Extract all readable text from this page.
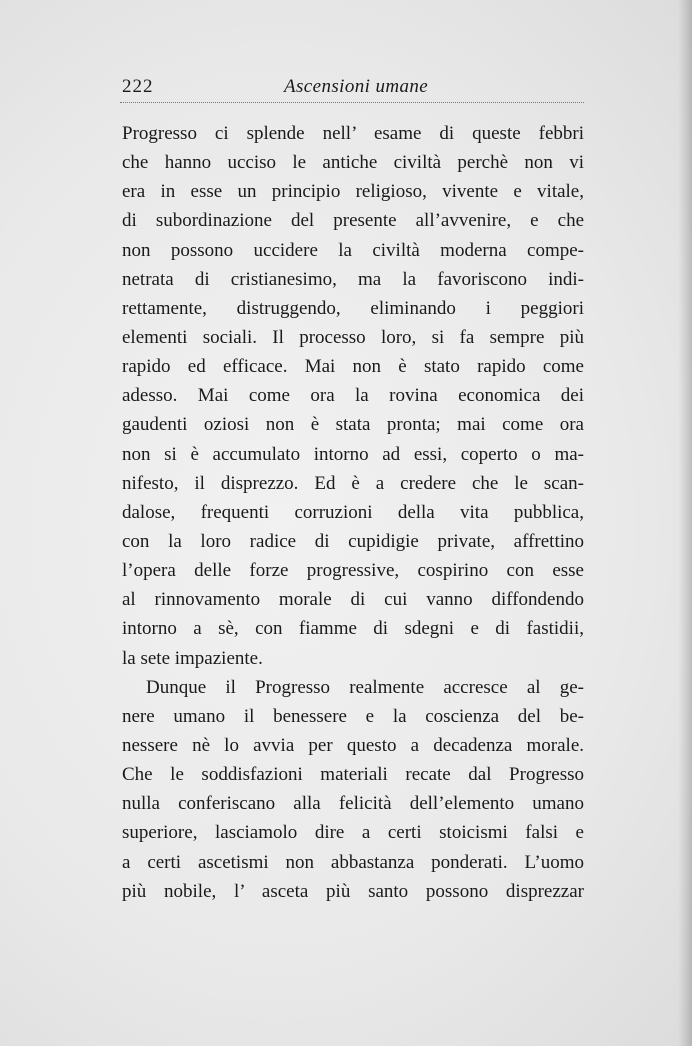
222	Ascensioni umane
Progresso ci splende nell’ esame di queste febbri
che hanno ucciso le antiche civiltà perchè non vi
era in esse un principio religioso, vivente e vitale,
di subordinazione del presente all’avvenire, e che
non possono uccidere la civiltà moderna compe-
netrata di cristianesimo, ma la favoriscono indi-
rettamente, distruggendo, eliminando i peggiori
elementi sociali. Il processo loro, si fa sempre più
rapido ed efficace. Mai non è stato rapido come
adesso. Mai come ora la rovina economica dei
gaudenti oziosi non è stata pronta; mai come ora
non si è accumulato intorno ad essi, coperto o ma-
nifesto, il disprezzo. Ed è a credere che le scan-
dalose, frequenti corruzioni della vita pubblica,
con la loro radice di cupidigie private, affrettino
l’opera delle forze progressive, cospirino con esse
al rinnovamento morale di cui vanno diffondendo
intorno a sè, con fiamme di sdegni e di fastidii,
la sete impaziente.
Dunque il Progresso realmente accresce al ge-
nere umano il benessere e la coscienza del be-
nessere nè lo avvia per questo a decadenza morale.
Che le soddisfazioni materiali recate dal Progresso
nulla conferiscano alla felicità dell’elemento umano
superiore, lasciamolo dire a certi stoicismi falsi e
a certi ascetismi non abbastanza ponderati. L’uomo
più nobile, l’ asceta più santo possono disprezzar
